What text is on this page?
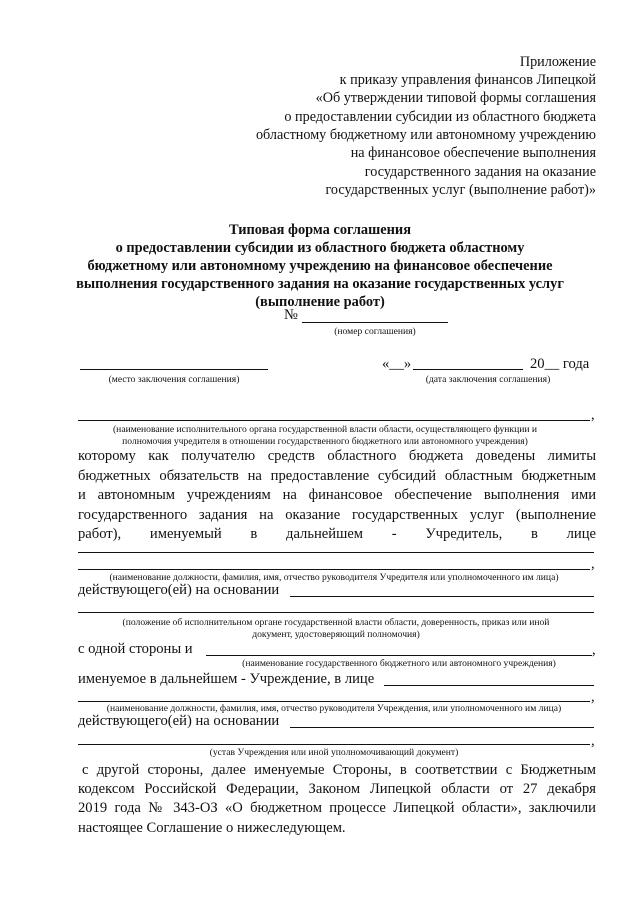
Приложение
к приказу управления финансов Липецкой
«Об утверждении типовой формы соглашения
о предоставлении субсидии из областного бюджета
областному бюджетному или автономному учреждению
на финансовое обеспечение выполнения
государственного задания на оказание
государственных услуг (выполнение работ)»
Типовая форма соглашения
о предоставлении субсидии из областного бюджета областному
бюджетному или автономному учреждению на финансовое обеспечение
выполнения государственного задания на оказание государственных услуг
(выполнение работ)
№
(номер соглашения)
(место заключения соглашения)
«__»	20__ года
(дата заключения соглашения)
,
(наименование исполнительного органа государственной власти области, осуществляющего функции и
полномочия учредителя в отношении государственного бюджетного или автономного учреждения)
которому как получателю средств областного бюджета доведены лимиты
бюджетных обязательств на предоставление субсидий областным бюджетным
и автономным учреждениям на финансовое обеспечение выполнения ими
государственного задания на оказание государственных услуг (выполнение
работ), именуемый в дальнейшем - Учредитель, в лице
,
(наименование должности, фамилия, имя, отчество руководителя Учредителя или уполномоченного им лица)
действующего(ей) на основании
(положение об исполнительном органе государственной власти области, доверенность, приказ или иной
документ, удостоверяющий полномочия)
с одной стороны и	,
(наименование государственного бюджетного или автономного учреждения)
именуемое в дальнейшем - Учреждение, в лице
,
(наименование должности, фамилия, имя, отчество руководителя Учреждения, или уполномоченного им лица)
действующего(ей) на основании
,
(устав Учреждения или иной уполномочивающий документ)
с другой стороны, далее именуемые Стороны, в соответствии с Бюджетным
кодексом Российской Федерации, Законом Липецкой области от 27 декабря
2019 года № 343-ОЗ «О бюджетном процессе Липецкой области», заключили
настоящее Соглашение о нижеследующем.
